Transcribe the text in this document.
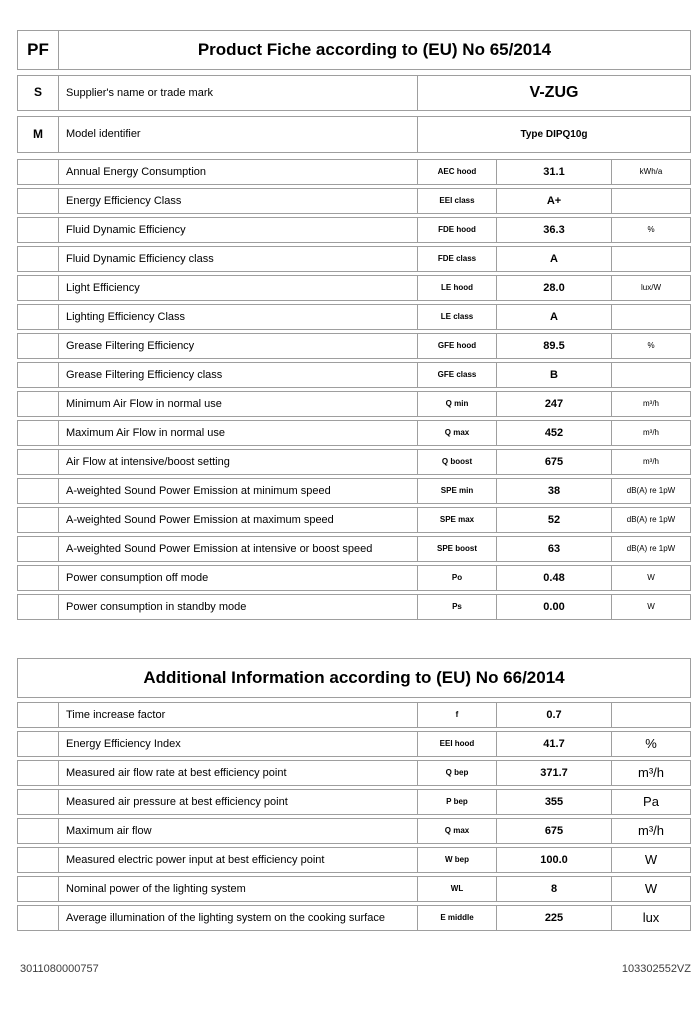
PF	Product Fiche according to (EU) No 65/2014
S	Supplier's name or trade mark	V-ZUG
M	Model identifier	Type DIPQ10g
Annual Energy Consumption	AEC hood	31.1	kWh/a
Energy Efficiency Class	EEI class	A+
Fluid Dynamic Efficiency	FDE hood	36.3	%
Fluid Dynamic Efficiency class	FDE class	A
Light Efficiency	LE hood	28.0	lux/W
Lighting Efficiency Class	LE class	A
Grease Filtering Efficiency	GFE hood	89.5	%
Grease Filtering Efficiency class	GFE class	B
Minimum Air Flow in normal use	Q min	247	m³/h
Maximum Air Flow in normal use	Q max	452	m³/h
Air Flow at intensive/boost setting	Q boost	675	m³/h
A-weighted Sound Power Emission at minimum speed	SPE min	38	dB(A) re 1pW
A-weighted Sound Power Emission at maximum speed	SPE max	52	dB(A) re 1pW
A-weighted Sound Power Emission at intensive or boost speed	SPE boost	63	dB(A) re 1pW
Power consumption off mode	Po	0.48	W
Power consumption in standby mode	Ps	0.00	W
Additional Information according to (EU) No 66/2014
Time increase factor	f	0.7
Energy Efficiency Index	EEI hood	41.7	%
Measured air flow rate at best efficiency point	Q bep	371.7	m³/h
Measured air pressure at best efficiency point	P bep	355	Pa
Maximum air flow	Q max	675	m³/h
Measured electric power input at best efficiency point	W bep	100.0	W
Nominal power of the lighting system	WL	8	W
Average illumination of the lighting system on the cooking surface	E middle	225	lux
3011080000757	103302552VZ
